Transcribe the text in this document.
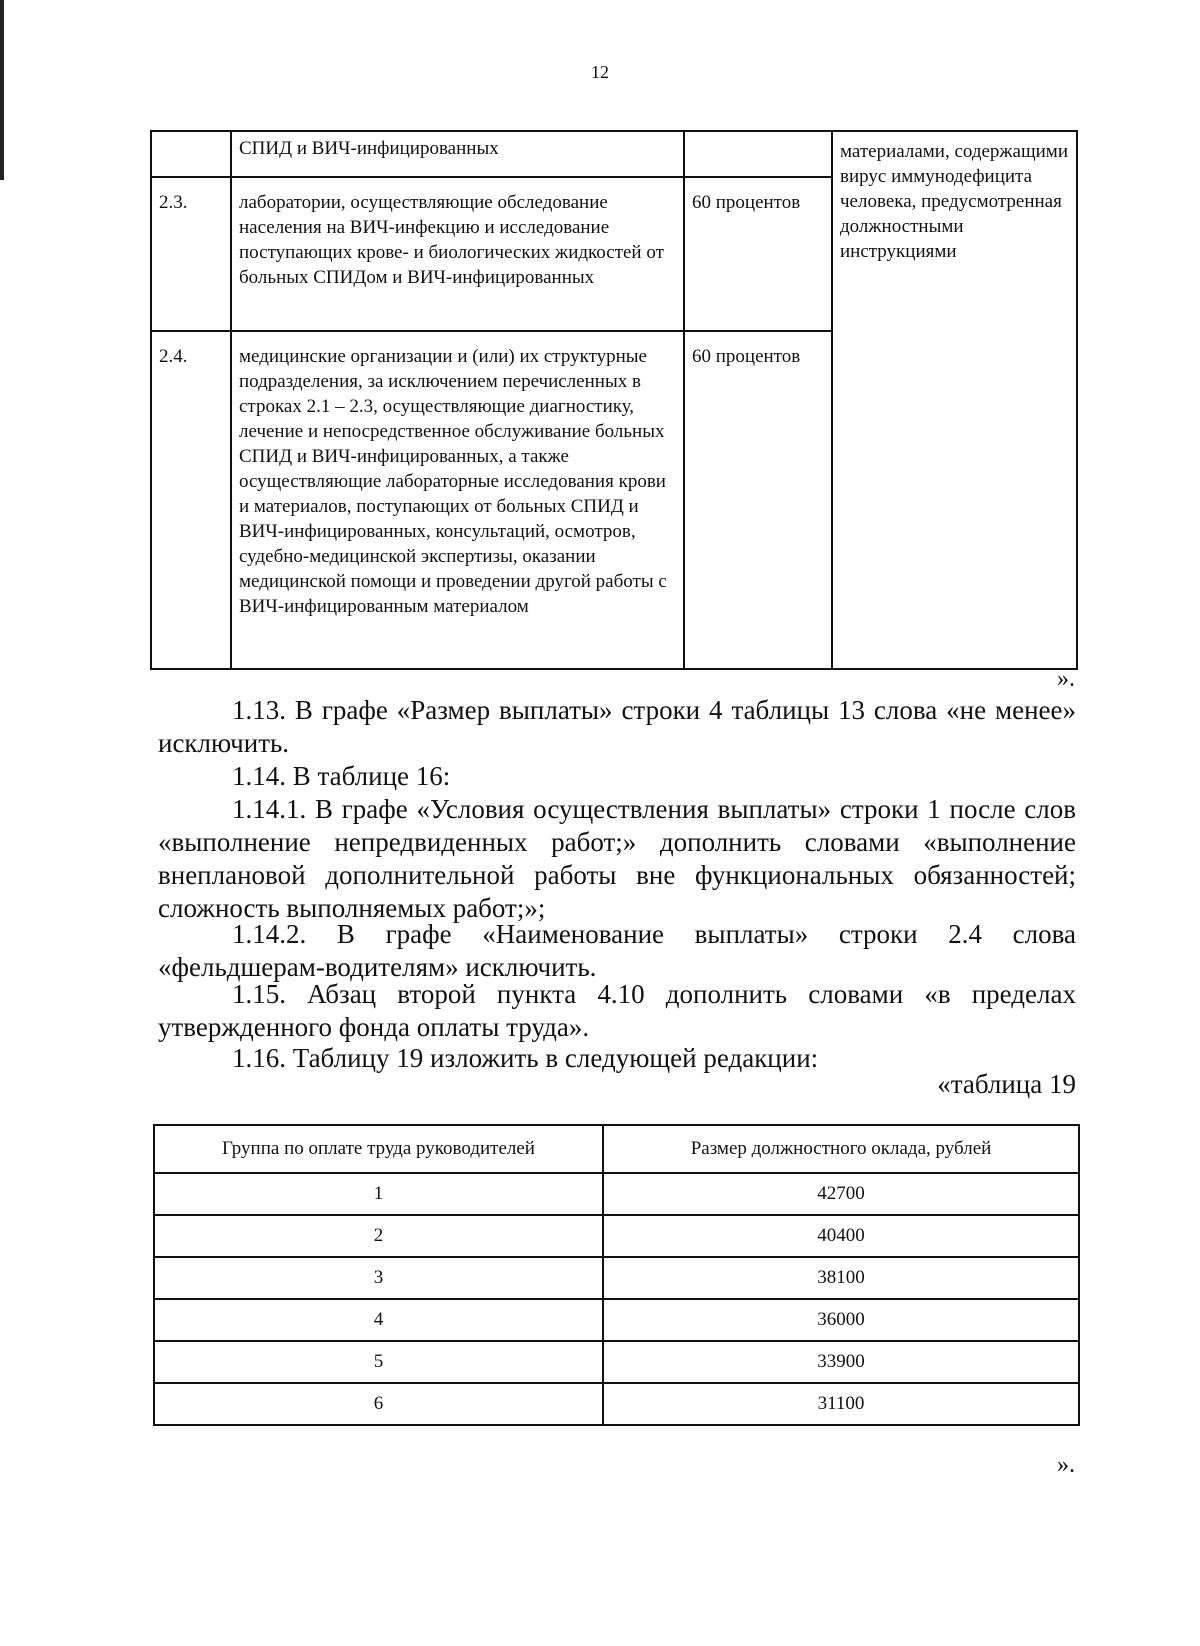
12
	СПИД и ВИЧ-инфицированных		материалами, содержащими вирус иммунодефицита человека, предусмотренная должностными инструкциями
2.3.	лаборатории, осуществляющие обследование населения на ВИЧ-инфекцию и исследование поступающих крове- и биологических жидкостей от больных СПИДом и ВИЧ-инфицированных	60 процентов	
2.4.	медицинские организации и (или) их структурные подразделения, за исключением перечисленных в строках 2.1 – 2.3, осуществляющие диагностику, лечение и непосредственное обслуживание больных СПИД и ВИЧ-инфицированных, а также осуществляющие лабораторные исследования крови и материалов, поступающих от больных СПИД и ВИЧ-инфицированных, консультаций, осмотров, судебно-медицинской экспертизы, оказании медицинской помощи и проведении другой работы с ВИЧ-инфицированным материалом	60 процентов	
».

1.13. В графе «Размер выплаты» строки 4 таблицы 13 слова «не менее» исключить.

1.14. В таблице 16:

1.14.1. В графе «Условия осуществления выплаты» строки 1 после слов «выполнение непредвиденных работ;» дополнить словами «выполнение внеплановой дополнительной работы вне функциональных обязанностей; сложность выполняемых работ;»;

1.14.2. В графе «Наименование выплаты» строки 2.4 слова «фельдшерам-водителям» исключить.

1.15. Абзац второй пункта 4.10 дополнить словами «в пределах утвержденного фонда оплаты труда».

1.16. Таблицу 19 изложить в следующей редакции:

«таблица 19
Группа по оплате труда руководителей	Размер должностного оклада, рублей
1	42700
2	40400
3	38100
4	36000
5	33900
6	31100
».
